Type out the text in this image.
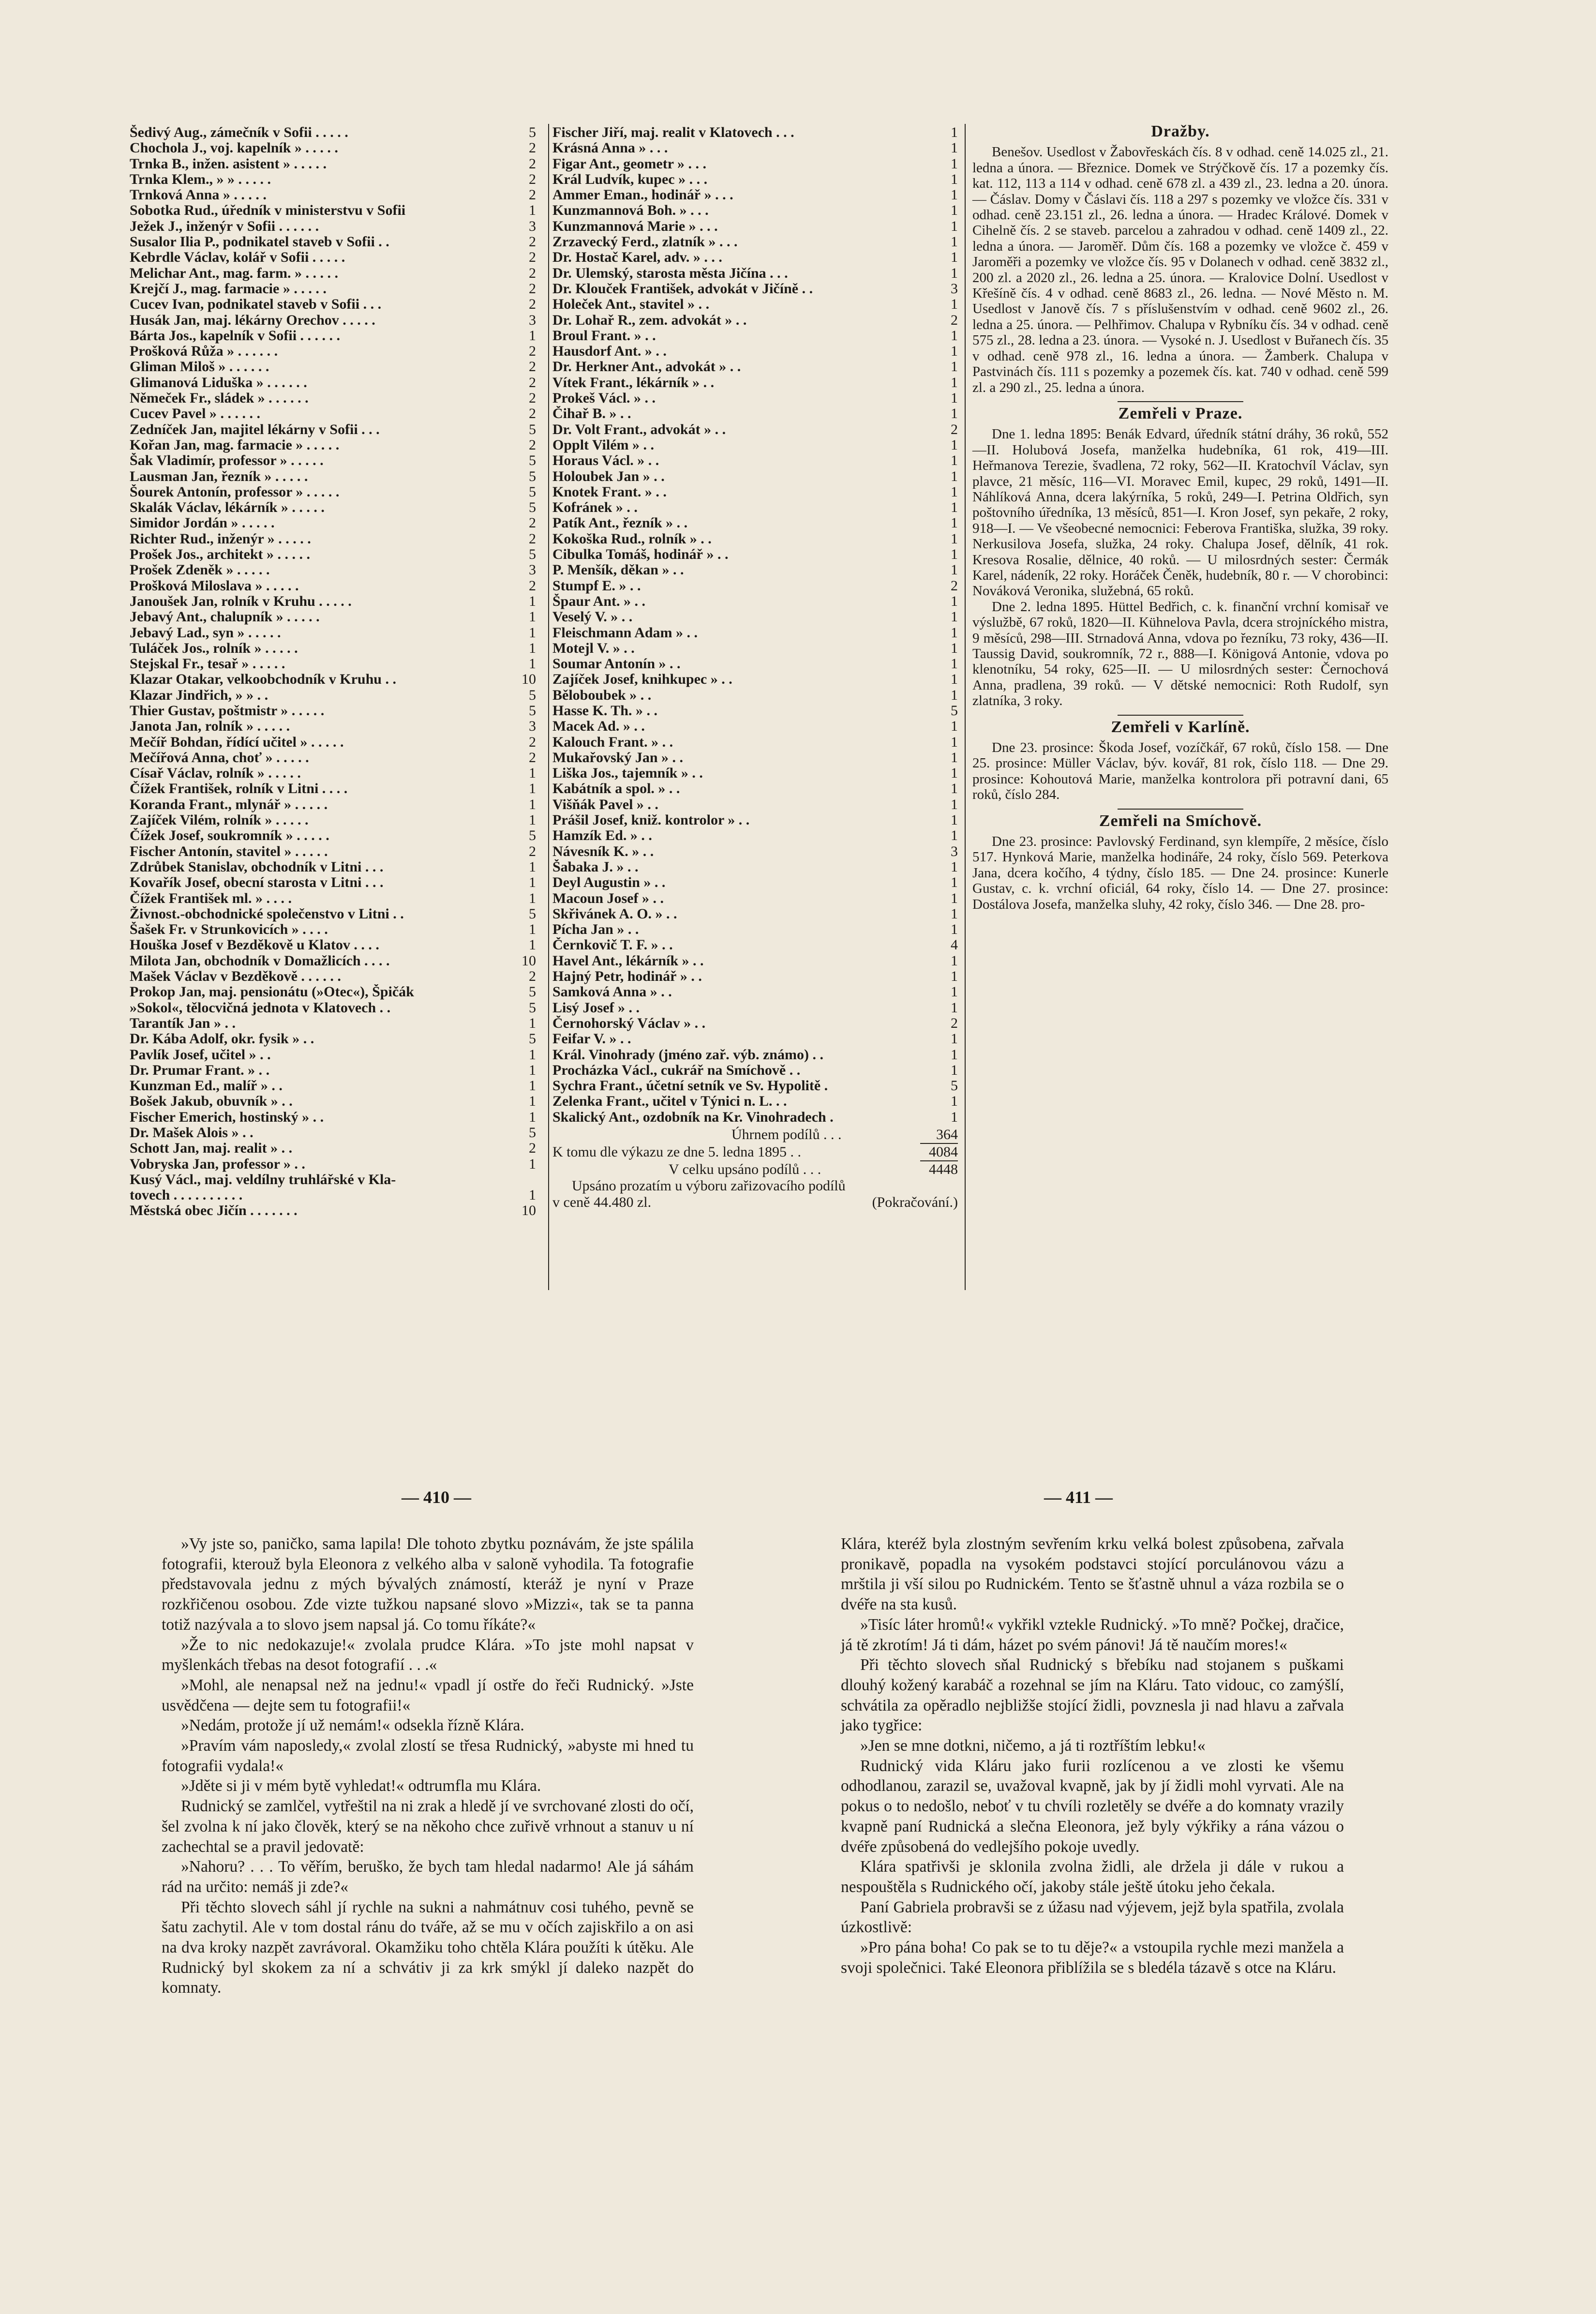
Šedivý Aug., zámečník v Sofii . . . . .	5
Chochola J., voj. kapelník » . . . . .	2
Trnka B., inžen. asistent » . . . . .	2
Trnka Klem., » » . . . . .	2
Trnková Anna » . . . . .	2
Sobotka Rud., úředník v ministerstvu v Sofii	1
Ježek J., inženýr v Sofii . . . . . .	3
Susalor Ilia P., podnikatel staveb v Sofii . .	2
Kebrdle Václav, kolář v Sofii . . . . .	2
Melichar Ant., mag. farm. » . . . . .	2
Krejčí J., mag. farmacie » . . . . .	2
Cucev Ivan, podnikatel staveb v Sofii . . .	2
Husák Jan, maj. lékárny Orechov . . . . .	3
Bárta Jos., kapelník v Sofii . . . . . .	1
Prošková Růža » . . . . . .	2
Gliman Miloš » . . . . . .	2
Glimanová Liduška » . . . . . .	2
Němeček Fr., sládek » . . . . . .	2
Cucev Pavel » . . . . . .	2
Zedníček Jan, majitel lékárny v Sofii . . .	5
Kořan Jan, mag. farmacie » . . . . .	2
Šak Vladimír, professor » . . . . .	5
Lausman Jan, řezník » . . . . .	5
Šourek Antonín, professor » . . . . .	5
Skalák Václav, lékárník » . . . . .	5
Simidor Jordán » . . . . .	2
Richter Rud., inženýr » . . . . .	2
Prošek Jos., architekt » . . . . .	5
Prošek Zdeněk » . . . . .	3
Prošková Miloslava » . . . . .	2
Janoušek Jan, rolník v Kruhu . . . . .	1
Jebavý Ant., chalupník » . . . . .	1
Jebavý Lad., syn » . . . . .	1
Tuláček Jos., rolník » . . . . .	1
Stejskal Fr., tesař » . . . . .	1
Klazar Otakar, velkoobchodník v Kruhu . .	10
Klazar Jindřich, » » . .	5
Thier Gustav, poštmistr » . . . . .	5
Janota Jan, rolník » . . . . .	3
Mečíř Bohdan, řídící učitel » . . . . .	2
Mečířová Anna, choť » . . . . .	2
Císař Václav, rolník » . . . . .	1
Čížek František, rolník v Litni . . . .	1
Koranda Frant., mlynář » . . . . .	1
Zajíček Vilém, rolník » . . . . .	1
Čížek Josef, soukromník » . . . . .	5
Fischer Antonín, stavitel » . . . . .	2
Zdrůbek Stanislav, obchodník v Litni . . .	1
Kovařík Josef, obecní starosta v Litni . . .	1
Čížek František ml. » . . . .	1
Živnost.-obchodnické společenstvo v Litni . .	5
Šašek Fr. v Strunkovicích » . . . .	1
Houška Josef v Bezděkově u Klatov . . . .	1
Milota Jan, obchodník v Domažlicích . . . .	10
Mašek Václav v Bezděkově . . . . . .	2
Prokop Jan, maj. pensionátu (»Otec«), Špičák	5
»Sokol«, tělocvičná jednota v Klatovech . .	5
Tarantík Jan » . .	1
Dr. Kába Adolf, okr. fysik » . .	5
Pavlík Josef, učitel » . .	1
Dr. Prumar Frant. » . .	1
Kunzman Ed., malíř » . .	1
Bošek Jakub, obuvník » . .	1
Fischer Emerich, hostinský » . .	1
Dr. Mašek Alois » . .	5
Schott Jan, maj. realit » . .	2
Vobryska Jan, professor » . .	1
Kusý Václ., maj. veldílny truhlářské v Kla-
tovech . . . . . . . . . .	1
Městská obec Jičín . . . . . . .	10
Fischer Jiří, maj. realit v Klatovech . . .	1
Krásná Anna » . . .	1
Figar Ant., geometr » . . .	1
Král Ludvík, kupec » . . .	1
Ammer Eman., hodinář » . . .	1
Kunzmannová Boh. » . . .	1
Kunzmannová Marie » . . .	1
Zrzavecký Ferd., zlatník » . . .	1
Dr. Hostač Karel, adv. » . . .	1
Dr. Ulemský, starosta města Jičína . . .	1
Dr. Klouček František, advokát v Jičíně . .	3
Holeček Ant., stavitel » . .	1
Dr. Lohař R., zem. advokát » . .	2
Broul Frant. » . .	1
Hausdorf Ant. » . .	1
Dr. Herkner Ant., advokát » . .	1
Vítek Frant., lékárník » . .	1
Prokeš Václ. » . .	1
Čihař B. » . .	1
Dr. Volt Frant., advokát » . .	2
Opplt Vilém » . .	1
Horaus Václ. » . .	1
Holoubek Jan » . .	1
Knotek Frant. » . .	1
Kofránek » . .	1
Patík Ant., řezník » . .	1
Kokoška Rud., rolník » . .	1
Cibulka Tomáš, hodinář » . .	1
P. Menšík, děkan » . .	1
Stumpf E. » . .	2
Špaur Ant. » . .	1
Veselý V. » . .	1
Fleischmann Adam » . .	1
Motejl V. » . .	1
Soumar Antonín » . .	1
Zajíček Josef, knihkupec » . .	1
Běloboubek » . .	1
Hasse K. Th. » . .	5
Macek Ad. » . .	1
Kalouch Frant. » . .	1
Mukařovský Jan » . .	1
Liška Jos., tajemník » . .	1
Kabátník a spol. » . .	1
Višňák Pavel » . .	1
Prášil Josef, kniž. kontrolor » . .	1
Hamzík Ed. » . .	1
Návesník K. » . .	3
Šabaka J. » . .	1
Deyl Augustin » . .	1
Macoun Josef » . .	1
Skřivánek A. O. » . .	1
Pícha Jan » . .	1
Černkovič T. F. » . .	4
Havel Ant., lékárník » . .	1
Hajný Petr, hodinář » . .	1
Samková Anna » . .	1
Lisý Josef » . .	1
Černohorský Václav » . .	2
Feifar V. » . .	1
Král. Vinohrady (jméno zař. výb. známo) . .	1
Procházka Václ., cukrář na Smíchově . .	1
Sychra Frant., účetní setník ve Sv. Hypolitě .	5
Zelenka Frant., učitel v Týnici n. L. . .	1
Skalický Ant., ozdobník na Kr. Vinohradech .	1
Úhrnem podílů . . .	364
K tomu dle výkazu ze dne 5. ledna 1895 . .	4084
V celku upsáno podílů . . .	4448
Upsáno prozatím u výboru zařizovacího podílů
v ceně 44.480 zl.	(Pokračování.)
Dražby.

Benešov. Usedlost v Žabovřeskách čís. 8 v odhad. ceně 14.025 zl., 21. ledna a února. — Březnice. Domek ve Strýčkově čís. 17 a pozemky čís. kat. 112, 113 a 114 v odhad. ceně 678 zl. a 439 zl., 23. ledna a 20. února. — Čáslav. Domy v Čáslavi čís. 118 a 297 s pozemky ve vložce čís. 331 v odhad. ceně 23.151 zl., 26. ledna a února. — Hradec Králové. Domek v Cihelně čís. 2 se staveb. parcelou a zahradou v odhad. ceně 1409 zl., 22. ledna a února. — Jaroměř. Dům čís. 168 a pozemky ve vložce č. 459 v Jaroměři a pozemky ve vložce čís. 95 v Dolanech v odhad. ceně 3832 zl., 200 zl. a 2020 zl., 26. ledna a 25. února. — Kralovice Dolní. Usedlost v Křešíně čís. 4 v odhad. ceně 8683 zl., 26. ledna. — Nové Město n. M. Usedlost v Janově čís. 7 s příslušenstvím v odhad. ceně 9602 zl., 26. ledna a 25. února. — Pelhřimov. Chalupa v Rybníku čís. 34 v odhad. ceně 575 zl., 28. ledna a 23. února. — Vysoké n. J. Usedlost v Buřanech čís. 35 v odhad. ceně 978 zl., 16. ledna a února. — Žamberk. Chalupa v Pastvinách čís. 111 s pozemky a pozemek čís. kat. 740 v odhad. ceně 599 zl. a 290 zl., 25. ledna a února.

Zemřeli v Praze.

Dne 1. ledna 1895: Benák Edvard, úředník státní dráhy, 36 roků, 552—II. Holubová Josefa, manželka hudebníka, 61 rok, 419—III. Heřmanova Terezie, švadlena, 72 roky, 562—II. Kratochvíl Václav, syn plavce, 21 měsíc, 116—VI. Moravec Emil, kupec, 29 roků, 1491—II. Náhlíková Anna, dcera lakýrníka, 5 roků, 249—I. Petrina Oldřich, syn poštovního úředníka, 13 měsíců, 851—I. Kron Josef, syn pekaře, 2 roky, 918—I. — Ve všeobecné nemocnici: Feberova Františka, služka, 39 roky. Nerkusilova Josefa, služka, 24 roky. Chalupa Josef, dělník, 41 rok. Kresova Rosalie, dělnice, 40 roků. — U milosrdných sester: Čermák Karel, nádeník, 22 roky. Horáček Čeněk, hudebník, 80 r. — V chorobinci: Nováková Veronika, služebná, 65 roků.

Dne 2. ledna 1895. Hüttel Bedřich, c. k. finanční vrchní komisař ve výslužbě, 67 roků, 1820—II. Kühnelova Pavla, dcera strojníckého mistra, 9 měsíců, 298—III. Strnadová Anna, vdova po řezníku, 73 roky, 436—II. Taussig David, soukromník, 72 r., 888—I. Königová Antonie, vdova po klenotníku, 54 roky, 625—II. — U milosrdných sester: Černochová Anna, pradlena, 39 roků. — V dětské nemocnici: Roth Rudolf, syn zlatníka, 3 roky.

Zemřeli v Karlíně.

Dne 23. prosince: Škoda Josef, vozíčkář, 67 roků, číslo 158. — Dne 25. prosince: Müller Václav, býv. kovář, 81 rok, číslo 118. — Dne 29. prosince: Kohoutová Marie, manželka kontrolora při potravní dani, 65 roků, číslo 284.

Zemřeli na Smíchově.

Dne 23. prosince: Pavlovský Ferdinand, syn klempíře, 2 měsíce, číslo 517. Hynková Marie, manželka hodináře, 24 roky, číslo 569. Peterkova Jana, dcera kočího, 4 týdny, číslo 185. — Dne 24. prosince: Kunerle Gustav, c. k. vrchní oficiál, 64 roky, číslo 14. — Dne 27. prosince: Dostálova Josefa, manželka sluhy, 42 roky, číslo 346. — Dne 28. pro-

— 410 —	— 411 —

»Vy jste so, paničko, sama lapila! Dle tohoto zbytku poznávám, že jste spálila fotografii, kterouž byla Eleonora z velkého alba v saloně vyhodila. Ta fotografie představovala jednu z mých bývalých známostí, kteráž je nyní v Praze rozkřičenou osobou. Zde vizte tužkou napsané slovo »Mizzi«, tak se ta panna totiž nazývala a to slovo jsem napsal já. Co tomu říkáte?«

»Že to nic nedokazuje!« zvolala prudce Klára. »To jste mohl napsat v myšlenkách třebas na desot fotografií . . .«

»Mohl, ale nenapsal než na jednu!« vpadl jí ostře do řeči Rudnický. »Jste usvědčena — dejte sem tu fotografii!«

»Nedám, protože jí už nemám!« odsekla řízně Klára.

»Pravím vám naposledy,« zvolal zlostí se třesa Rudnický, »abyste mi hned tu fotografii vydala!«

»Jděte si ji v mém bytě vyhledat!« odtrumfla mu Klára.

Rudnický se zamlčel, vytřeštil na ni zrak a hledě jí ve svrchované zlosti do očí, šel zvolna k ní jako člověk, který se na někoho chce zuřivě vrhnout a stanuv u ní zachechtal se a pravil jedovatě:

»Nahoru? . . . To věřím, beruško, že bych tam hledal nadarmo! Ale já sáhám rád na určito: nemáš ji zde?«

Při těchto slovech sáhl jí rychle na sukni a nahmátnuv cosi tuhého, pevně se šatu zachytil. Ale v tom dostal ránu do tváře, až se mu v očích zajiskřilo a on asi na dva kroky nazpět zavrávoral. Okamžiku toho chtěla Klára použíti k útěku. Ale Rudnický byl skokem za ní a schvátiv ji za krk smýkl jí daleko nazpět do komnaty.

Klára, kteréž byla zlostným sevřením krku velká bolest způsobena, zařvala pronikavě, popadla na vysokém podstavci stojící porculánovou vázu a mrštila ji vší silou po Rudnickém. Tento se šťastně uhnul a váza rozbila se o dvéře na sta kusů.

»Tisíc láter hromů!« vykřikl vztekle Rudnický. »To mně? Počkej, dračice, já tě zkrotím! Já ti dám, házet po svém pánovi! Já tě naučím mores!«

Při těchto slovech sňal Rudnický s břebíku nad stojanem s puškami dlouhý kožený karabáč a rozehnal se jím na Kláru. Tato vidouc, co zamýšlí, schvátila za opěradlo nejbližše stojící židli, povznesla ji nad hlavu a zařvala jako tygřice:

»Jen se mne dotkni, ničemo, a já ti roztříštím lebku!«

Rudnický vida Kláru jako furii rozlícenou a ve zlosti ke všemu odhodlanou, zarazil se, uvažoval kvapně, jak by jí židli mohl vyrvati. Ale na pokus o to nedošlo, neboť v tu chvíli rozletěly se dvéře a do komnaty vrazily kvapně paní Rudnická a slečna Eleonora, jež byly výkřiky a rána vázou o dvéře způsobená do vedlejšího pokoje uvedly.

Klára spatřivši je sklonila zvolna židli, ale držela ji dále v rukou a nespouštěla s Rudnického očí, jakoby stále ještě útoku jeho čekala.

Paní Gabriela probravši se z úžasu nad výjevem, jejž byla spatřila, zvolala úzkostlivě:

»Pro pána boha! Co pak se to tu děje?« a vstoupila rychle mezi manžela a svoji společnici. Také Eleonora přiblížila se s bledéla tázavě s otce na Kláru.
